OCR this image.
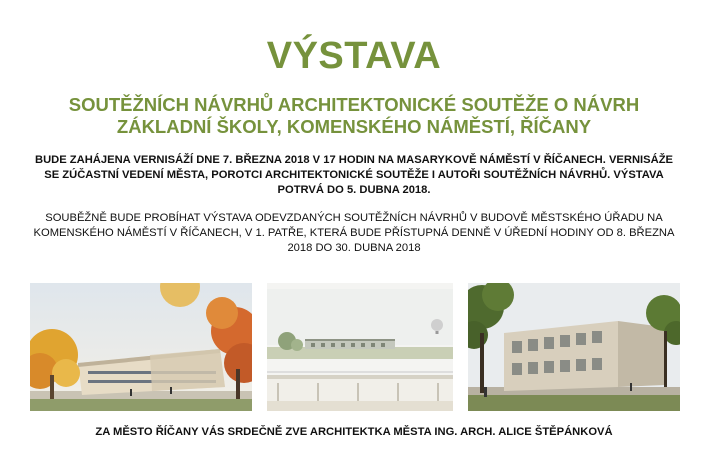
VÝSTAVA
SOUTĚŽNÍCH NÁVRHŮ ARCHITEKTONICKÉ SOUTĚŽE O NÁVRH ZÁKLADNÍ ŠKOLY, KOMENSKÉHO NÁMĚSTÍ, ŘÍČANY
BUDE ZAHÁJENA VERNISÁŽÍ DNE 7. BŘEZNA 2018 V 17 HODIN NA MASARYKOVĚ NÁMĚSTÍ V ŘÍČANECH. VERNISÁŽE SE ZÚČASTNÍ VEDENÍ MĚSTA, POROTCI ARCHITEKTONICKÉ SOUTĚŽE I AUTOŘI SOUTĚŽNÍCH NÁVRHŮ. VÝSTAVA POTRVÁ DO 5. DUBNA 2018.
SOUBĚŽNĚ BUDE PROBÍHAT VÝSTAVA ODEVZDANÝCH SOUTĚŽNÍCH NÁVRHŮ V BUDOVĚ MĚSTSKÉHO ÚŘADU NA KOMENSKÉHO NÁMĚSTÍ V ŘÍČANECH, V 1. PATŘE, KTERÁ BUDE PŘÍSTUPNÁ DENNĚ V ÚŘEDNÍ HODINY OD 8. BŘEZNA 2018 DO 30. DUBNA 2018
ZA MĚSTO ŘÍČANY VÁS SRDEČNĚ ZVE ARCHITEKTKA MĚSTA ING. ARCH. ALICE ŠTĚPÁNKOVÁ
